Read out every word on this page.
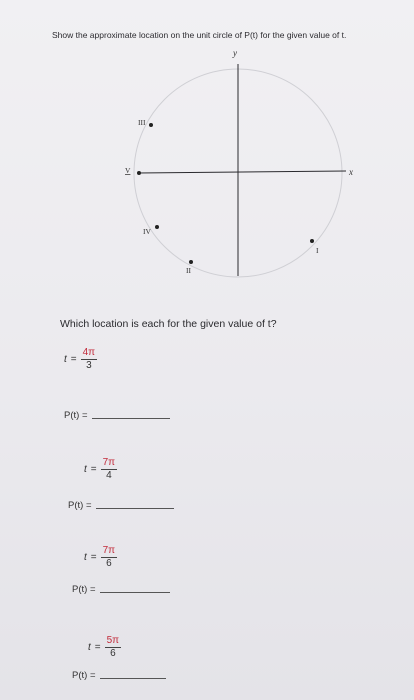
Show the approximate location on the unit circle of P(t) for the given value of t.
y
x
III
V
IV
II
I
Which location is each for the given value of t?
$t = \frac{4\pi}{3}$
P(t) =
$t = \frac{7\pi}{4}$
P(t) =
$t = \frac{7\pi}{6}$
P(t) =
$t = \frac{5\pi}{6}$
P(t) =
